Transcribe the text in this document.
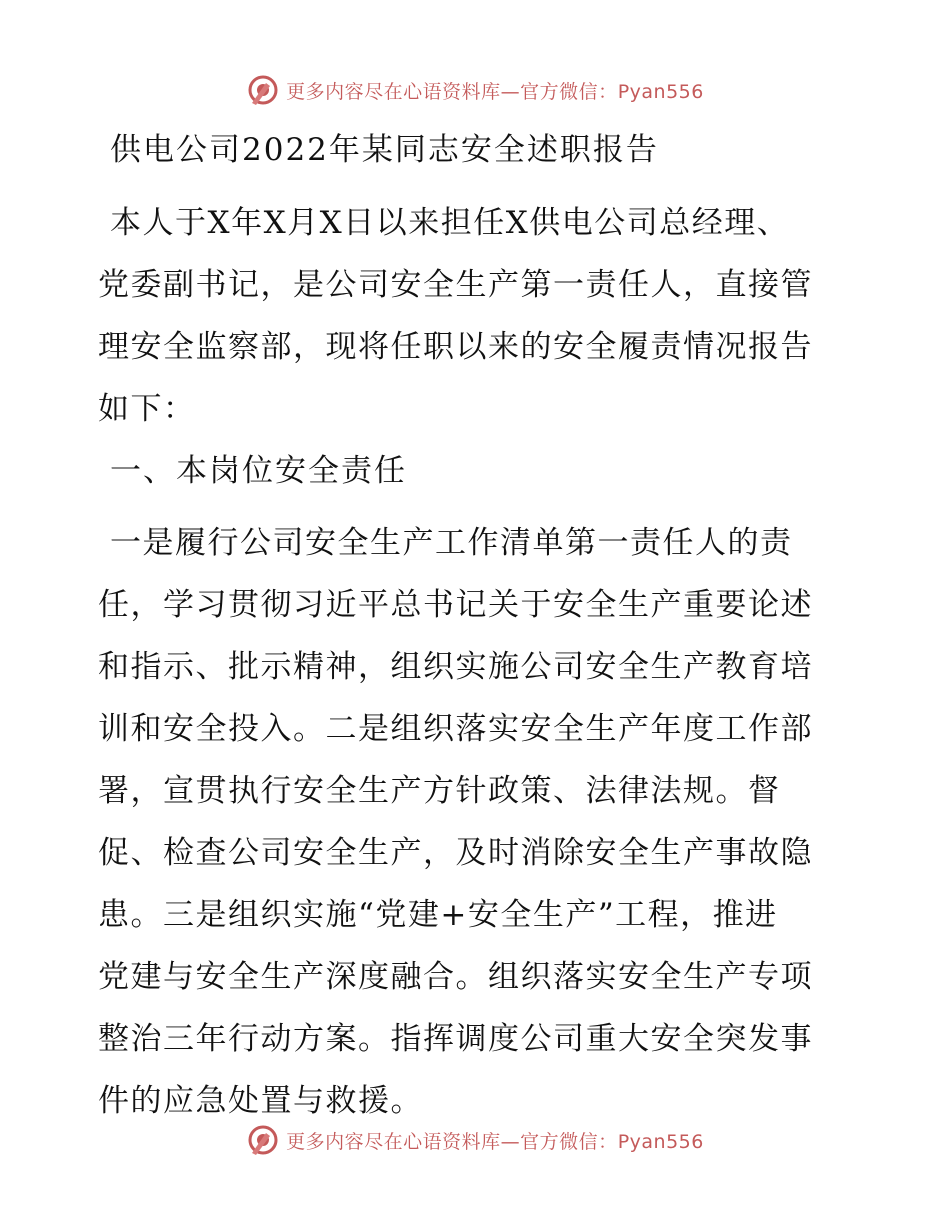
更多内容尽在心语资料库—官方微信：Pyan556
供电公司2022年某同志安全述职报告
本人于X年X月X日以来担任X供电公司总经理、
党委副书记，是公司安全生产第一责任人，直接管
理安全监察部，现将任职以来的安全履责情况报告
如下：
一、本岗位安全责任
一是履行公司安全生产工作清单第一责任人的责
任，学习贯彻习近平总书记关于安全生产重要论述
和指示、批示精神，组织实施公司安全生产教育培
训和安全投入。二是组织落实安全生产年度工作部
署，宣贯执行安全生产方针政策、法律法规。督
促、检查公司安全生产，及时消除安全生产事故隐
患。三是组织实施“党建+安全生产”工程，推进
党建与安全生产深度融合。组织落实安全生产专项
整治三年行动方案。指挥调度公司重大安全突发事
件的应急处置与救援。
更多内容尽在心语资料库—官方微信：Pyan556
